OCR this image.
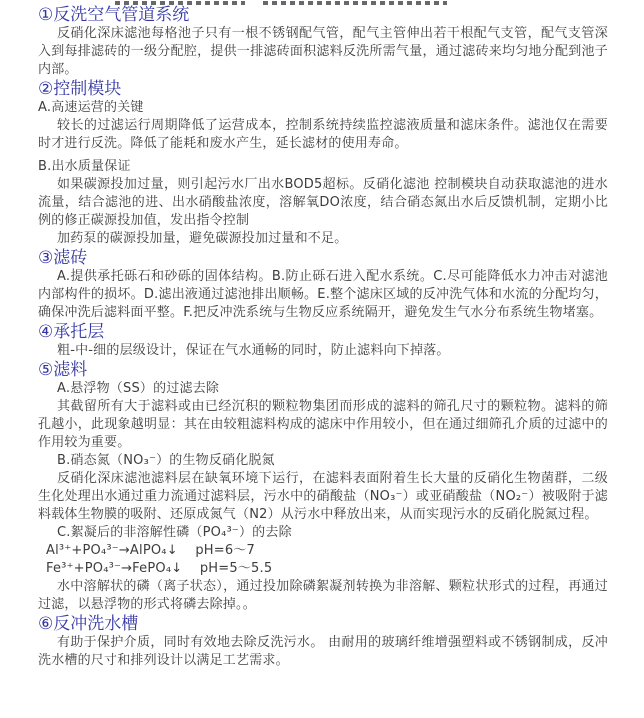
①反洗空气管道系统

反硝化深床滤池每格池子只有一根不锈钢配气管，配气主管伸出若干根配气支管，配气支管深入到每排滤砖的一级分配腔，提供一排滤砖面积滤料反洗所需气量，通过滤砖来均匀地分配到池子内部。

②控制模块

A.高速运营的关键

较长的过滤运行周期降低了运营成本，控制系统持续监控滤液质量和滤床条件。滤池仅在需要时才进行反洗。降低了能耗和废水产生，延长滤材的使用寿命。

B.出水质量保证

如果碳源投加过量，则引起污水厂出水BOD5超标。反硝化滤池 控制模块自动获取滤池的进水流量，结合滤池的进、出水硝酸盐浓度，溶解氧DO浓度，结合硝态氮出水后反馈机制，定期小比例的修正碳源投加值，发出指令控制

加药泵的碳源投加量，避免碳源投加过量和不足。

③滤砖

A.提供承托砾石和砂砾的固体结构。B.防止砾石进入配水系统。C.尽可能降低水力冲击对滤池内部构件的损坏。D.滤出液通过滤池排出顺畅。E.整个滤床区域的反冲洗气体和水流的分配均匀，确保冲洗后滤料面平整。F.把反冲洗系统与生物反应系统隔开，避免发生气水分布系统生物堵塞。

④承托层

粗-中-细的层级设计，保证在气水通畅的同时，防止滤料向下掉落。

⑤滤料

A.悬浮物（SS）的过滤去除

其截留所有大于滤料或由已经沉积的颗粒物集团而形成的滤料的筛孔尺寸的颗粒物。滤料的筛孔越小，此现象越明显：其在由较粗滤料构成的滤床中作用较小，但在通过细筛孔介质的过滤中的作用较为重要。

B.硝态氮（NO₃⁻）的生物反硝化脱氮

反硝化深床滤池滤料层在缺氧环境下运行，在滤料表面附着生长大量的反硝化生物菌群，二级生化处理出水通过重力流通过滤料层，污水中的硝酸盐（NO₃⁻）或亚硝酸盐（NO₂⁻）被吸附于滤料载体生物膜的吸附、还原成氮气（N2）从污水中释放出来，从而实现污水的反硝化脱氮过程。

C.絮凝后的非溶解性磷（PO₄³⁻）的去除

Al³⁺+PO₄³⁻→AlPO₄↓　 pH=6～7

Fe³⁺+PO₄³⁻→FePO₄↓　 pH=5～5.5

水中溶解状的磷（离子状态），通过投加除磷絮凝剂转换为非溶解、颗粒状形式的过程，再通过过滤，以悬浮物的形式将磷去除掉。。

⑥反冲洗水槽

有助于保护介质，同时有效地去除反洗污水。 由耐用的玻璃纤维增强塑料或不锈钢制成，反冲洗水槽的尺寸和排列设计以满足工艺需求。
